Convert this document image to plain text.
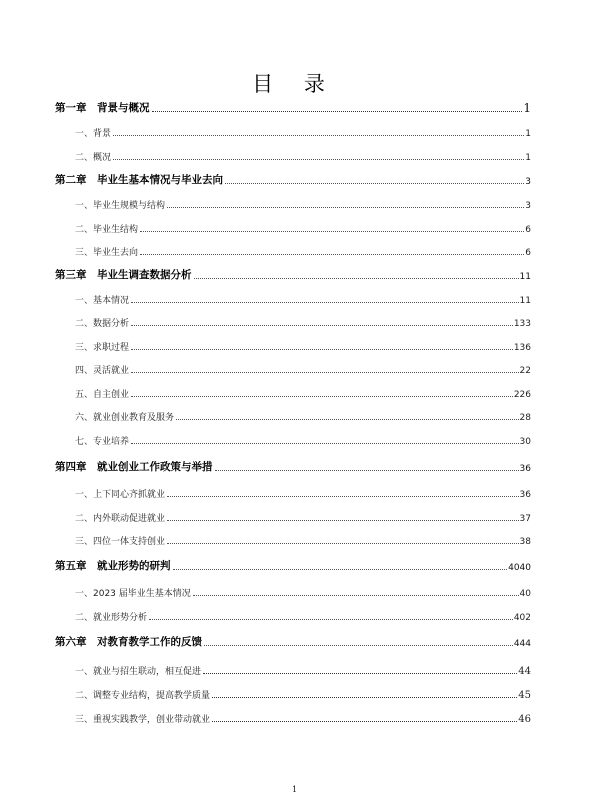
目 录
第一章　背景与概况	1
一、背景	1
二、概况	1
第二章　毕业生基本情况与毕业去向	3
一、毕业生规模与结构	3
二、毕业生结构	6
三、毕业生去向	6
第三章　毕业生调查数据分析	11
一、基本情况	11
二、数据分析	133
三、求职过程	136
四、灵活就业	22
五、自主创业	226
六、就业创业教育及服务	28
七、专业培养	30
第四章　就业创业工作政策与举措	36
一、上下同心齐抓就业	36
二、内外联动促进就业	37
三、四位一体支持创业	38
第五章　就业形势的研判	4040
一、2023 届毕业生基本情况	40
二、就业形势分析	402
第六章　对教育教学工作的反馈	444
一、就业与招生联动，相互促进	44
二、调整专业结构，提高教学质量	45
三、重视实践教学，创业带动就业	46
1
